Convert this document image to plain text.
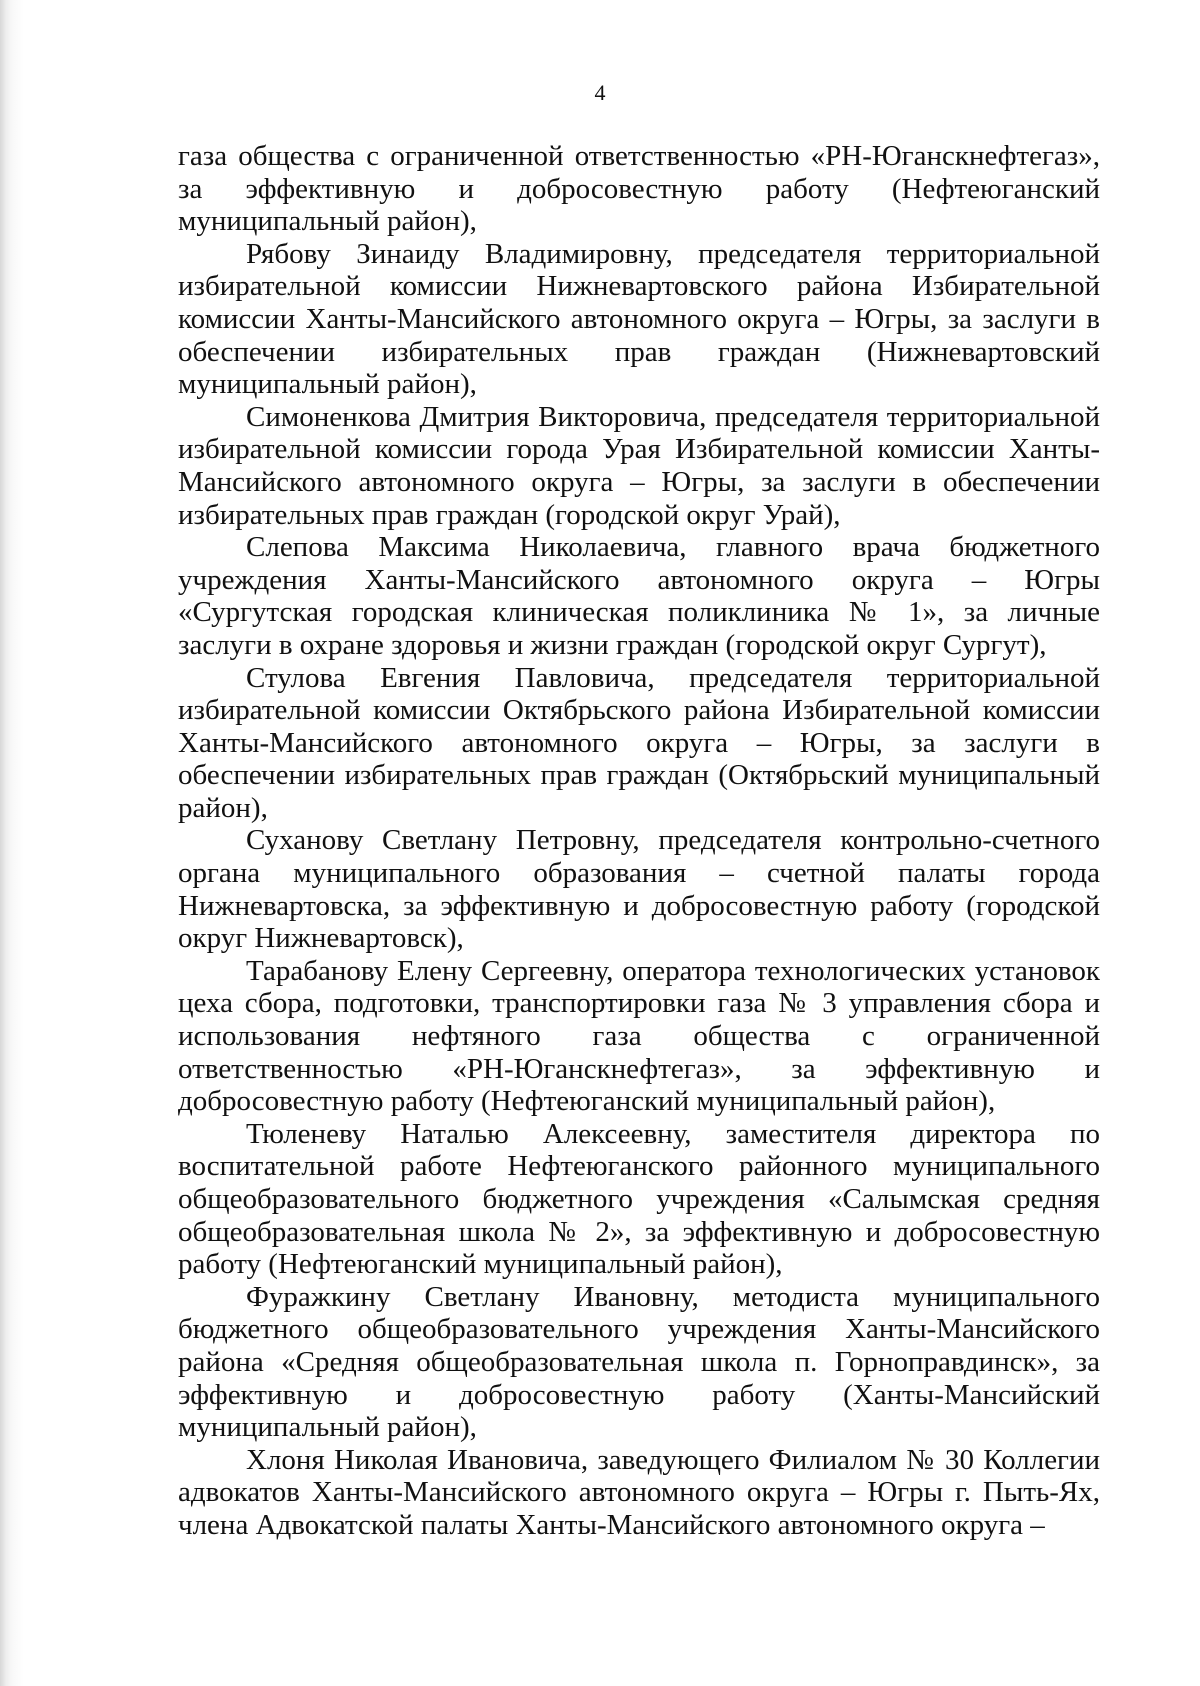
4

газа общества с ограниченной ответственностью «РН-Юганскнефтегаз», за эффективную и добросовестную работу (Нефтеюганский муниципальный район),

Рябову Зинаиду Владимировну, председателя территориальной избирательной комиссии Нижневартовского района Избирательной комиссии Ханты-Мансийского автономного округа – Югры, за заслуги в обеспечении избирательных прав граждан (Нижневартовский муниципальный район),

Симоненкова Дмитрия Викторовича, председателя территориальной избирательной комиссии города Урая Избирательной комиссии Ханты-Мансийского автономного округа – Югры, за заслуги в обеспечении избирательных прав граждан (городской округ Урай),

Слепова Максима Николаевича, главного врача бюджетного учреждения Ханты-Мансийского автономного округа – Югры «Сургутская городская клиническая поликлиника № 1», за личные заслуги в охране здоровья и жизни граждан (городской округ Сургут),

Стулова Евгения Павловича, председателя территориальной избирательной комиссии Октябрьского района Избирательной комиссии Ханты-Мансийского автономного округа – Югры, за заслуги в обеспечении избирательных прав граждан (Октябрьский муниципальный район),

Суханову Светлану Петровну, председателя контрольно-счетного органа муниципального образования – счетной палаты города Нижневартовска, за эффективную и добросовестную работу (городской округ Нижневартовск),

Тарабанову Елену Сергеевну, оператора технологических установок цеха сбора, подготовки, транспортировки газа № 3 управления сбора и использования нефтяного газа общества с ограниченной ответственностью «РН-Юганскнефтегаз», за эффективную и добросовестную работу (Нефтеюганский муниципальный район),

Тюленеву Наталью Алексеевну, заместителя директора по воспитательной работе Нефтеюганского районного муниципального общеобразовательного бюджетного учреждения «Салымская средняя общеобразовательная школа № 2», за эффективную и добросовестную работу (Нефтеюганский муниципальный район),

Фуражкину Светлану Ивановну, методиста муниципального бюджетного общеобразовательного учреждения Ханты-Мансийского района «Средняя общеобразовательная школа п. Горноправдинск», за эффективную и добросовестную работу (Ханты-Мансийский муниципальный район),

Хлоня Николая Ивановича, заведующего Филиалом № 30 Коллегии адвокатов Ханты-Мансийского автономного округа – Югры г. Пыть-Ях, члена Адвокатской палаты Ханты-Мансийского автономного округа –
